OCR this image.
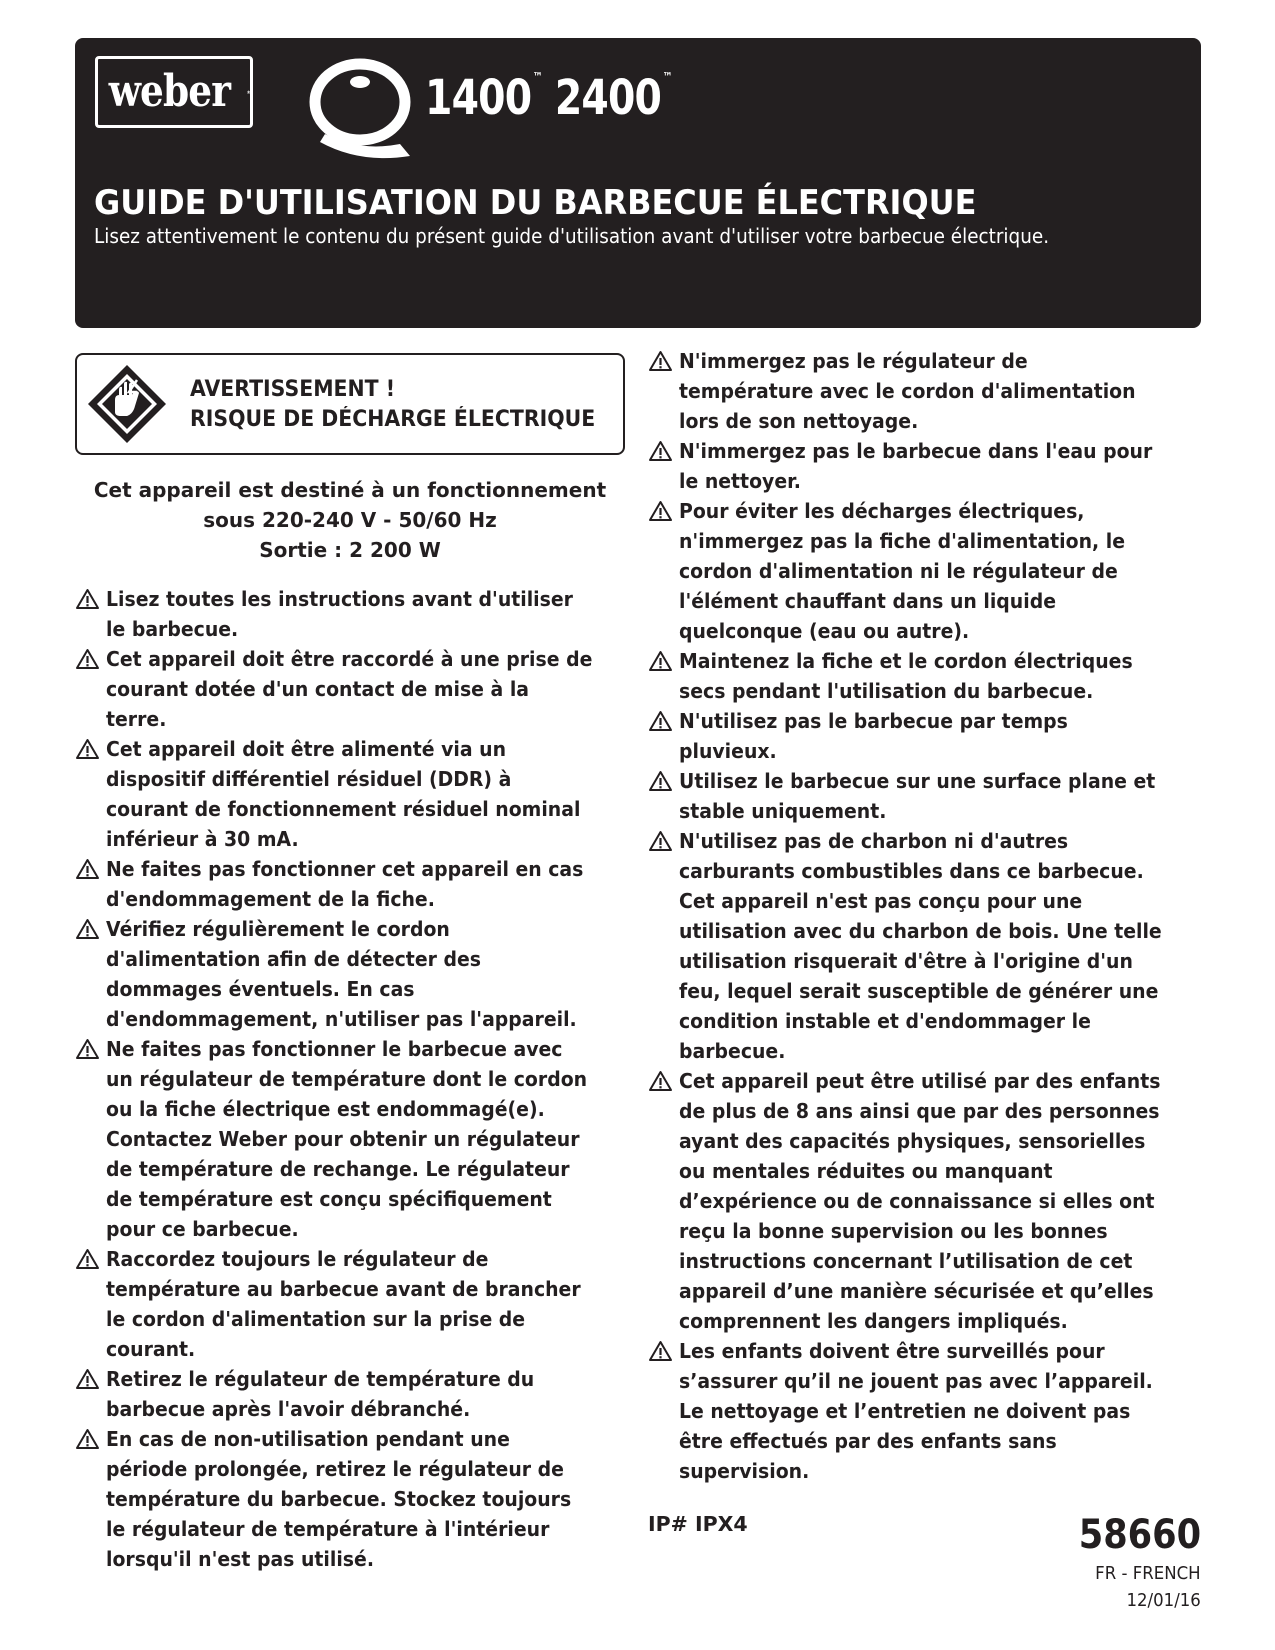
weber	1400 ™ 2400 ™
GUIDE D'UTILISATION DU BARBECUE ÉLECTRIQUE
Lisez attentivement le contenu du présent guide d'utilisation avant d'utiliser votre barbecue électrique.
AVERTISSEMENT !
RISQUE DE DÉCHARGE ÉLECTRIQUE
Cet appareil est destiné à un fonctionnement
sous 220-240 V - 50/60 Hz
Sortie : 2 200 W
Lisez toutes les instructions avant d'utiliser le barbecue.
Cet appareil doit être raccordé à une prise de courant dotée d'un contact de mise à la terre.
Cet appareil doit être alimenté via un dispositif différentiel résiduel (DDR) à courant de fonctionnement résiduel nominal inférieur à 30 mA.
Ne faites pas fonctionner cet appareil en cas d'endommagement de la fiche.
Vérifiez régulièrement le cordon d'alimentation afin de détecter des dommages éventuels. En cas d'endommagement, n'utiliser pas l'appareil.
Ne faites pas fonctionner le barbecue avec un régulateur de température dont le cordon ou la fiche électrique est endommagé(e). Contactez Weber pour obtenir un régulateur de température de rechange. Le régulateur de température est conçu spécifiquement pour ce barbecue.
Raccordez toujours le régulateur de température au barbecue avant de brancher le cordon d'alimentation sur la prise de courant.
Retirez le régulateur de température du barbecue après l'avoir débranché.
En cas de non-utilisation pendant une période prolongée, retirez le régulateur de température du barbecue. Stockez toujours le régulateur de température à l'intérieur lorsqu'il n'est pas utilisé.
N'immergez pas le régulateur de température avec le cordon d'alimentation lors de son nettoyage.
N'immergez pas le barbecue dans l'eau pour le nettoyer.
Pour éviter les décharges électriques, n'immergez pas la fiche d'alimentation, le cordon d'alimentation ni le régulateur de l'élément chauffant dans un liquide quelconque (eau ou autre).
Maintenez la fiche et le cordon électriques secs pendant l'utilisation du barbecue.
N'utilisez pas le barbecue par temps pluvieux.
Utilisez le barbecue sur une surface plane et stable uniquement.
N'utilisez pas de charbon ni d'autres carburants combustibles dans ce barbecue. Cet appareil n'est pas conçu pour une utilisation avec du charbon de bois. Une telle utilisation risquerait d'être à l'origine d'un feu, lequel serait susceptible de générer une condition instable et d'endommager le barbecue.
Cet appareil peut être utilisé par des enfants de plus de 8 ans ainsi que par des personnes ayant des capacités physiques, sensorielles ou mentales réduites ou manquant d’expérience ou de connaissance si elles ont reçu la bonne supervision ou les bonnes instructions concernant l’utilisation de cet appareil d’une manière sécurisée et qu’elles comprennent les dangers impliqués.
Les enfants doivent être surveillés pour s’assurer qu’il ne jouent pas avec l’appareil. Le nettoyage et l’entretien ne doivent pas être effectués par des enfants sans supervision.
IP# IPX4	58660
FR - FRENCH
12/01/16
